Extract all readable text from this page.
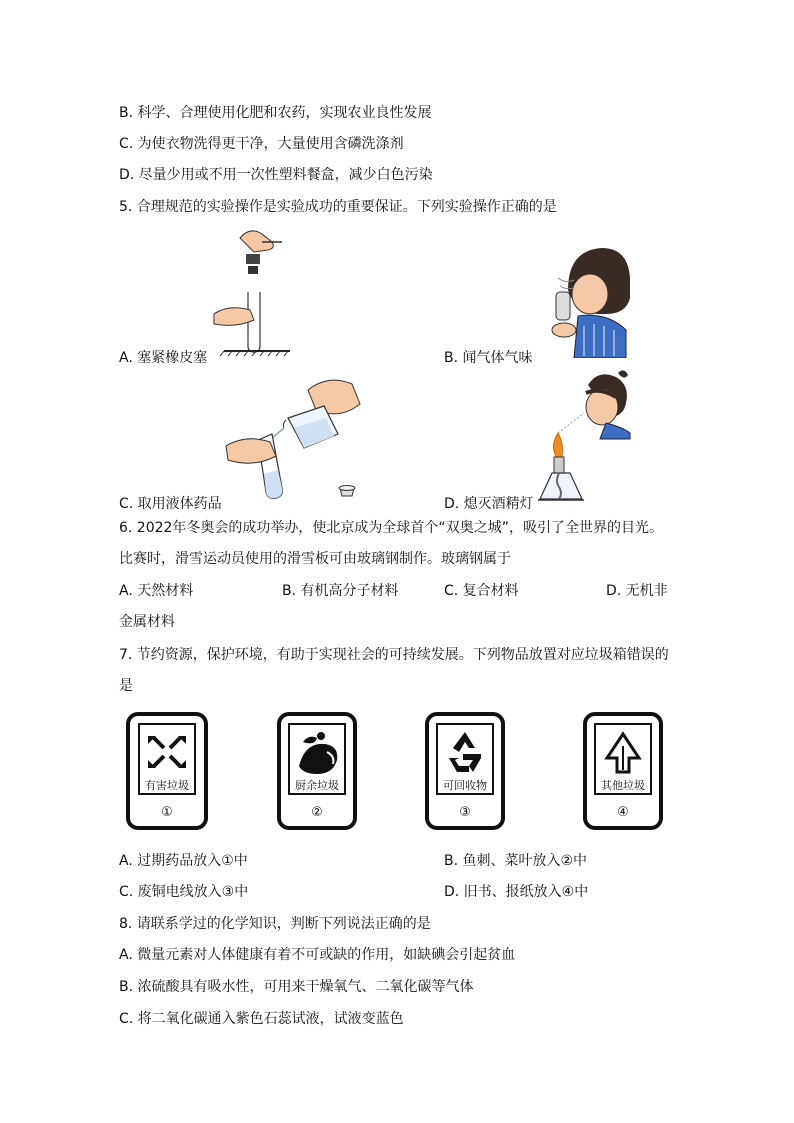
B. 科学、合理使用化肥和农药，实现农业良性发展
C. 为使衣物洗得更干净，大量使用含磷洗涤剂
D. 尽量少用或不用一次性塑料餐盒，减少白色污染
5. 合理规范的实验操作是实验成功的重要保证。下列实验操作正确的是
A. 塞紧橡皮塞	B. 闻气体气味
C. 取用液体药品	D. 熄灭酒精灯
6. 2022年冬奥会的成功举办，使北京成为全球首个“双奥之城”，吸引了全世界的目光。
比赛时，滑雪运动员使用的滑雪板可由玻璃钢制作。玻璃钢属于
A. 天然材料	B. 有机高分子材料	C. 复合材料	D. 无机非
金属材料
7. 节约资源，保护环境，有助于实现社会的可持续发展。下列物品放置对应垃圾箱错误的
是
有害垃圾
①
厨余垃圾
②
可回收物
③
其他垃圾
④
A. 过期药品放入①中	B. 鱼刺、菜叶放入②中
C. 废铜电线放入③中	D. 旧书、报纸放入④中
8. 请联系学过的化学知识，判断下列说法正确的是
A. 微量元素对人体健康有着不可或缺的作用，如缺碘会引起贫血
B. 浓硫酸具有吸水性，可用来干燥氧气、二氧化碳等气体
C. 将二氧化碳通入紫色石蕊试液，试液变蓝色
